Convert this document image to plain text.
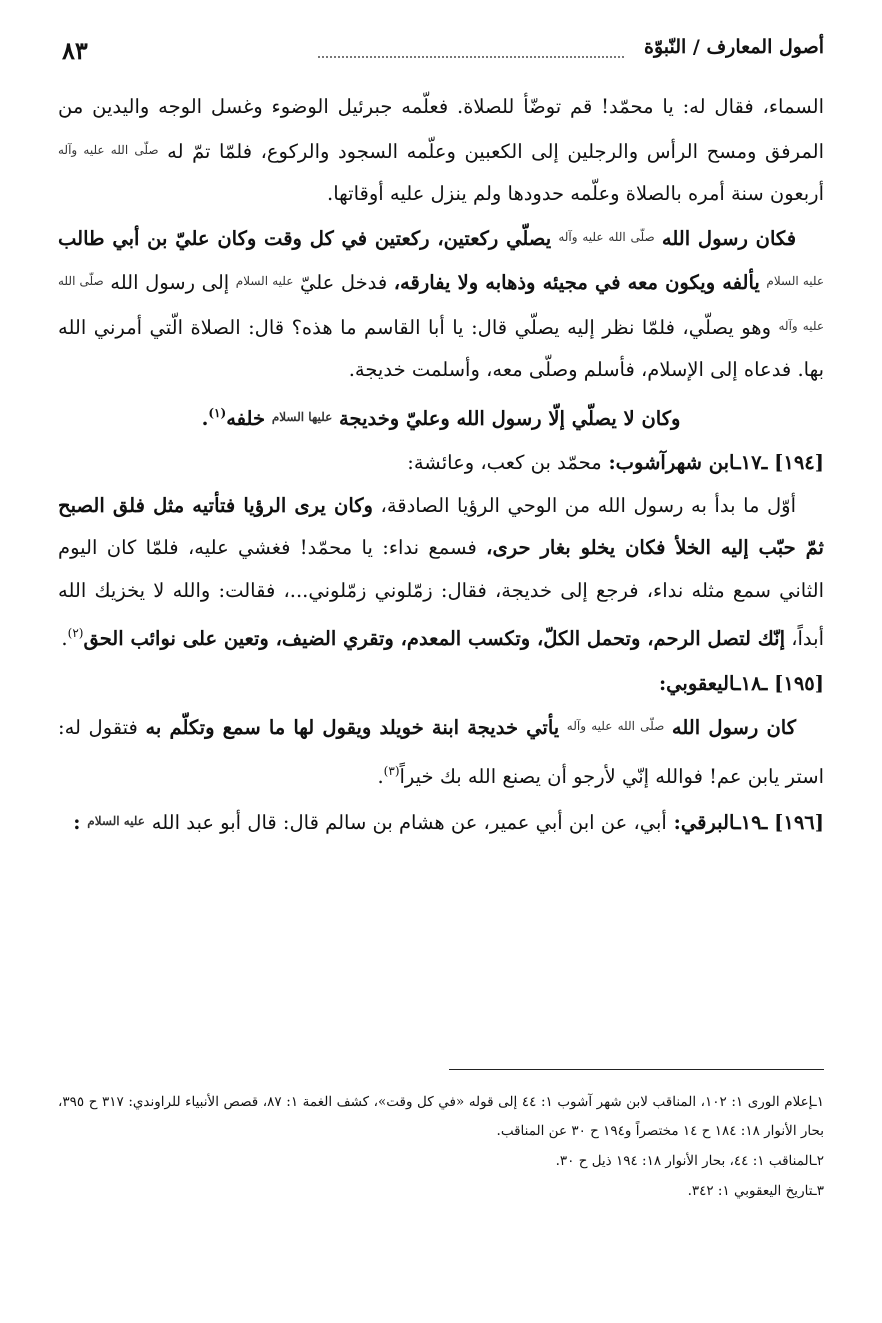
أصول المعارف / النّبوّة
٨٣

السماء، فقال له: يا محمّد! قم توضّأ للصلاة. فعلّمه جبرئيل الوضوء وغسل الوجه واليدين من المرفق ومسح الرأس والرجلين إلى الكعبين وعلّمه السجود والركوع، فلمّا تمّ له $^{صلّى الله عليه وآله}$ أربعون سنة أمره بالصلاة وعلّمه حدودها ولم ينزل عليه أوقاتها.

فكان رسول الله $^{صلّى الله عليه وآله}$ يصلّي ركعتين، ركعتين في كل وقت وكان عليّ بن أبي طالب $^{عليه السلام}$ يألفه ويكون معه في مجيئه وذهابه ولا يفارقه، فدخل عليّ $^{عليه السلام}$ إلى رسول الله $^{صلّى الله عليه وآله}$ وهو يصلّي، فلمّا نظر إليه يصلّي قال: يا أبا القاسم ما هذه؟ قال: الصلاة الّتي أمرني الله بها. فدعاه إلى الإسلام، فأسلم وصلّى معه، وأسلمت خديجة.

وكان لا يصلّي إلّا رسول الله وعليّ وخديجة $^{عليها السلام}$ خلفه$^{(١)}$.

[١٩٤] ـ١٧ـابن شهرآشوب: محمّد بن كعب، وعائشة:

أوّل ما بدأ به رسول الله من الوحي الرؤيا الصادقة، وكان يرى الرؤيا فتأتيه مثل فلق الصبح ثمّ حبّب إليه الخلأ فكان يخلو بغار حرى، فسمع نداء: يا محمّد! فغشي عليه، فلمّا كان اليوم الثاني سمع مثله نداء، فرجع إلى خديجة، فقال: زمّلوني زمّلوني...، فقالت: والله لا يخزيك الله أبداً، إنّك لتصل الرحم، وتحمل الكلّ، وتكسب المعدم، وتقري الضيف، وتعين على نوائب الحق$^{(٢)}$.

[١٩٥] ـ١٨ـاليعقوبي:

كان رسول الله $^{صلّى الله عليه وآله}$ يأتي خديجة ابنة خويلد ويقول لها ما سمع وتكلّم به فتقول له: استر يابن عم! فوالله إنّي لأرجو أن يصنع الله بك خيراً$^{(٣)}$.

[١٩٦] ـ١٩ـالبرقي: أبي، عن ابن أبي عمير، عن هشام بن سالم قال: قال أبو عبد الله $^{عليه السلام}$ :

١ـإعلام الورى ١: ١٠٢، المناقب لابن شهر آشوب ١: ٤٤ إلى قوله «في كل وقت»، كشف الغمة ١: ٨٧، قصص الأنبياء للراوندي: ٣١٧ ح ٣٩٥، بحار الأنوار ١٨: ١٨٤ ح ١٤ مختصراً و١٩٤ ح ٣٠ عن المناقب.

٢ـالمناقب ١: ٤٤، بحار الأنوار ١٨: ١٩٤ ذيل ح ٣٠.

٣ـتاريخ اليعقوبي ١: ٣٤٢.
